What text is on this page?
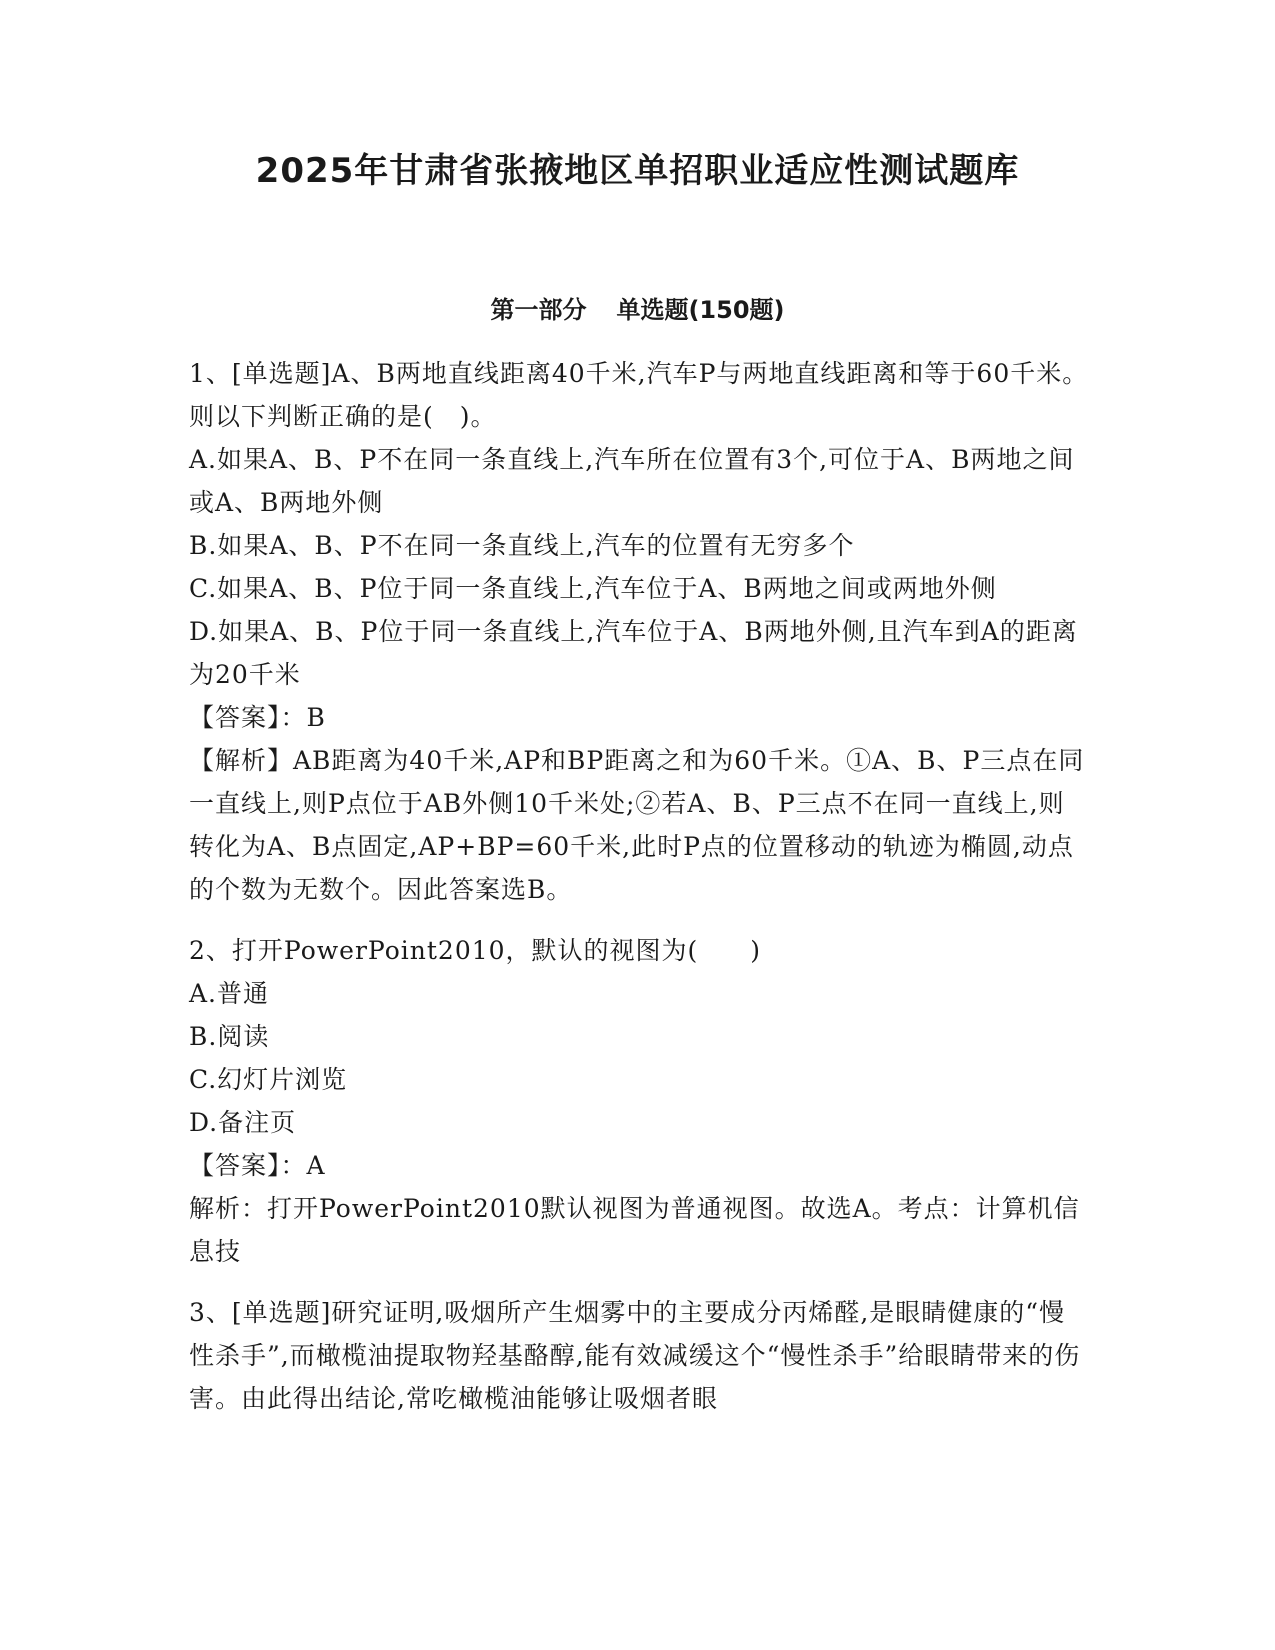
2025年甘肃省张掖地区单招职业适应性测试题库
第一部分 单选题(150题)

1、[单选题]A、B两地直线距离40千米,汽车P与两地直线距离和等于60千米。则以下判断正确的是(　)。

A.如果A、B、P不在同一条直线上,汽车所在位置有3个,可位于A、B两地之间或A、B两地外侧

B.如果A、B、P不在同一条直线上,汽车的位置有无穷多个

C.如果A、B、P位于同一条直线上,汽车位于A、B两地之间或两地外侧

D.如果A、B、P位于同一条直线上,汽车位于A、B两地外侧,且汽车到A的距离为20千米

【答案】：B

【解析】AB距离为40千米,AP和BP距离之和为60千米。①A、B、P三点在同一直线上,则P点位于AB外侧10千米处;②若A、B、P三点不在同一直线上,则转化为A、B点固定,AP+BP=60千米,此时P点的位置移动的轨迹为椭圆,动点的个数为无数个。因此答案选B。

2、打开PowerPoint2010，默认的视图为(　　)

A.普通

B.阅读

C.幻灯片浏览

D.备注页

【答案】：A

解析：打开PowerPoint2010默认视图为普通视图。故选A。考点：计算机信息技

3、[单选题]研究证明,吸烟所产生烟雾中的主要成分丙烯醛,是眼睛健康的“慢性杀手”,而橄榄油提取物羟基酪醇,能有效减缓这个“慢性杀手”给眼睛带来的伤害。由此得出结论,常吃橄榄油能够让吸烟者眼
